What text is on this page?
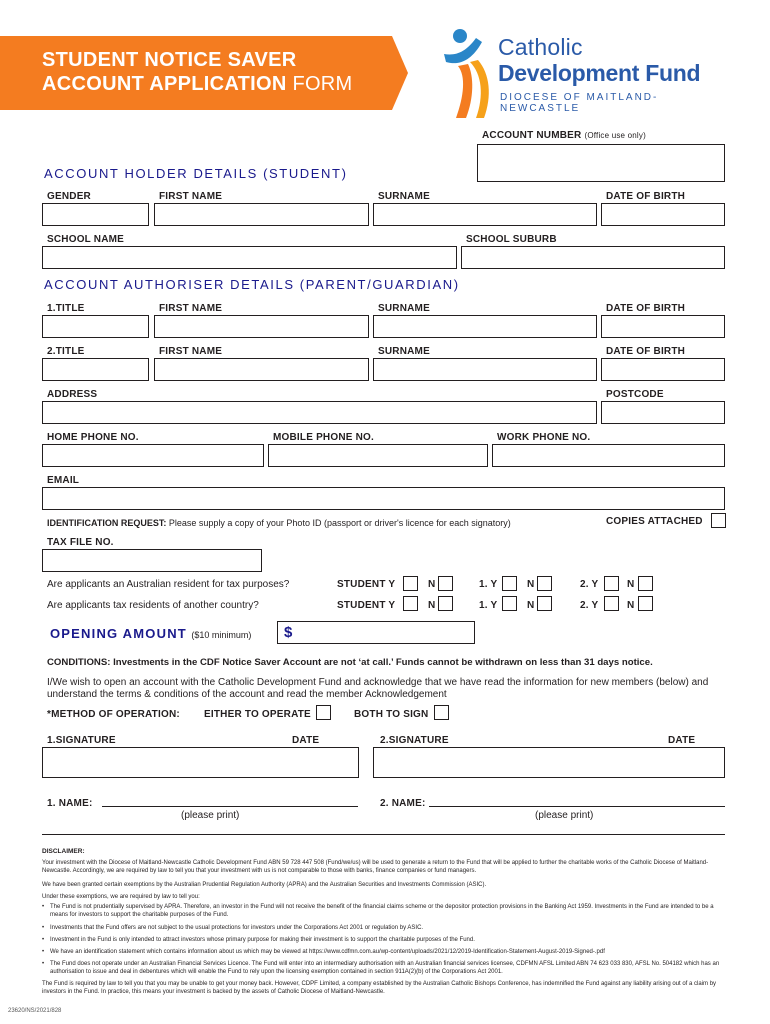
STUDENT NOTICE SAVER
ACCOUNT APPLICATION FORM
Catholic
Development Fund
DIOCESE OF MAITLAND-NEWCASTLE
ACCOUNT NUMBER (Office use only)
ACCOUNT HOLDER DETAILS (STUDENT)
GENDER	FIRST NAME	SURNAME	DATE OF BIRTH
SCHOOL NAME	SCHOOL SUBURB
ACCOUNT AUTHORISER DETAILS (PARENT/GUARDIAN)
1.TITLE	FIRST NAME	SURNAME	DATE OF BIRTH
2.TITLE	FIRST NAME	SURNAME	DATE OF BIRTH
ADDRESS	POSTCODE
HOME PHONE NO.	MOBILE PHONE NO.	WORK PHONE NO.
EMAIL
IDENTIFICATION REQUEST: Please supply a copy of your Photo ID (passport or driver's licence for each signatory)	COPIES ATTACHED
TAX FILE NO.
Are applicants an Australian resident for tax purposes?	STUDENT Y	N	1. Y	N	2. Y	N
Are applicants tax residents of another country?	STUDENT Y	N	1. Y	N	2. Y	N
OPENING AMOUNT ($10 minimum) $
CONDITIONS: Investments in the CDF Notice Saver Account are not ‘at call.’ Funds cannot be withdrawn on less than 31 days notice.
I/We wish to open an account with the Catholic Development Fund and acknowledge that we have read the information for new members (below) and understand the terms & conditions of the account and read the member Acknowledgement
*METHOD OF OPERATION: EITHER TO OPERATE	BOTH TO SIGN
1.SIGNATURE	DATE	2.SIGNATURE	DATE
1. NAME:
(please print)
2. NAME:
(please print)
DISCLAIMER:
Your investment with the Diocese of Maitland-Newcastle Catholic Development Fund ABN 59 728 447 508 (Fund/we/us) will be used to generate a return to the Fund that will be applied to further the charitable works of the Catholic Diocese of Maitland-Newcastle. Accordingly, we are required by law to tell you that your investment with us is not comparable to those with banks, finance companies or fund managers.
We have been granted certain exemptions by the Australian Prudential Regulation Authority (APRA) and the Australian Securities and Investments Commission (ASIC).
Under these exemptions, we are required by law to tell you:
• The Fund is not prudentially supervised by APRA. Therefore, an investor in the Fund will not receive the benefit of the financial claims scheme or the depositor protection provisions in the Banking Act 1959. Investments in the Fund are intended to be a means for investors to support the charitable purposes of the Fund.
• Investments that the Fund offers are not subject to the usual protections for investors under the Corporations Act 2001 or regulation by ASIC.
• Investment in the Fund is only intended to attract investors whose primary purpose for making their investment is to support the charitable purposes of the Fund.
• We have an identification statement which contains information about us which may be viewed at https://www.cdfmn.com.au/wp-content/uploads/2021/12/2019-Identification-Statement-August-2019-Signed-.pdf
• The Fund does not operate under an Australian Financial Services Licence. The Fund will enter into an intermediary authorisation with an Australian financial services licensee, CDFMN AFSL Limited ABN 74 623 033 830, AFSL No. 504182 which has an authorisation to issue and deal in debentures which will enable the Fund to rely upon the licensing exemption contained in section 911A(2)(b) of the Corporations Act 2001.
The Fund is required by law to tell you that you may be unable to get your money back. However, CDPF Limited, a company established by the Australian Catholic Bishops Conference, has indemnified the Fund against any liability arising out of a claim by investors in the Fund. In practice, this means your investment is backed by the assets of Catholic Diocese of Maitland-Newcastle.
23620/NS/2021/828
